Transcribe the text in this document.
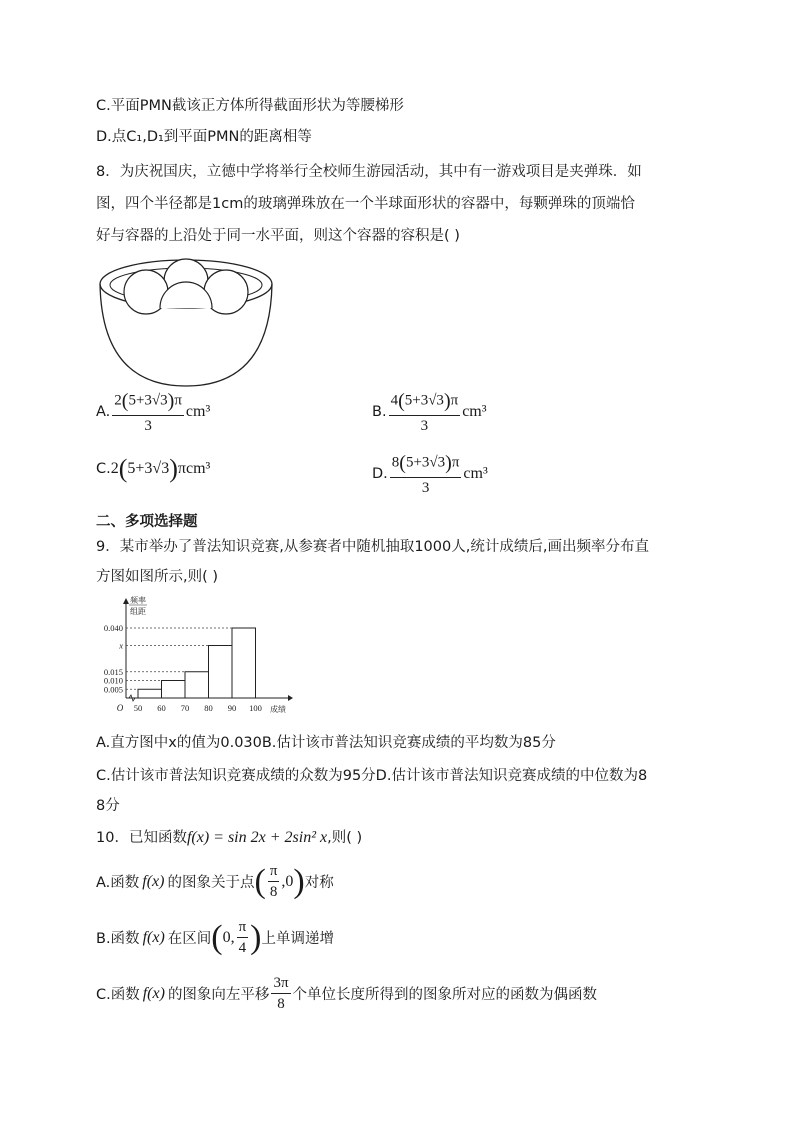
C.平面PMN截该正方体所得截面形状为等腰梯形
D.点C₁,D₁到平面PMN的距离相等
8．为庆祝国庆，立德中学将举行全校师生游园活动，其中有一游戏项目是夹弹珠．如
图，四个半径都是1cm的玻璃弹珠放在一个半球面形状的容器中，每颗弹珠的顶端恰
好与容器的上沿处于同一水平面，则这个容器的容积是( )
A. $\frac{2(5+3√3)\pi}{3} cm^3$	B. $\frac{4(5+3√3)\pi}{3} cm^3$
C. 2 ( 5+3√3 ) πcm³	D. $\frac{8(5+3√3)\pi}{3} cm^3$
二、多项选择题
9．某市举办了普法知识竞赛,从参赛者中随机抽取1000人,统计成绩后,画出频率分布直
方图如图所示,则( )
频率
组距
O
0.040
x
0.015
0.010
0.005
50 60 70 80 90 100 成绩
A.直方图中x的值为0.030B.估计该市普法知识竞赛成绩的平均数为85分
C.估计该市普法知识竞赛成绩的众数为95分D.估计该市普法知识竞赛成绩的中位数为8
8分
10．已知函数f(x) = sin 2x + 2sin² x,则( )
A.函数 f(x) 的图象关于点 ( $\frac{\pi}{8} ,0$ ) 对称
B.函数 f(x) 在区间 ( 0, $\frac{\pi}{4}$ ) 上单调递增
C.函数 f(x) 的图象向左平移 $\frac{3\pi}{8}$ 个单位长度所得到的图象所对应的函数为偶函数
